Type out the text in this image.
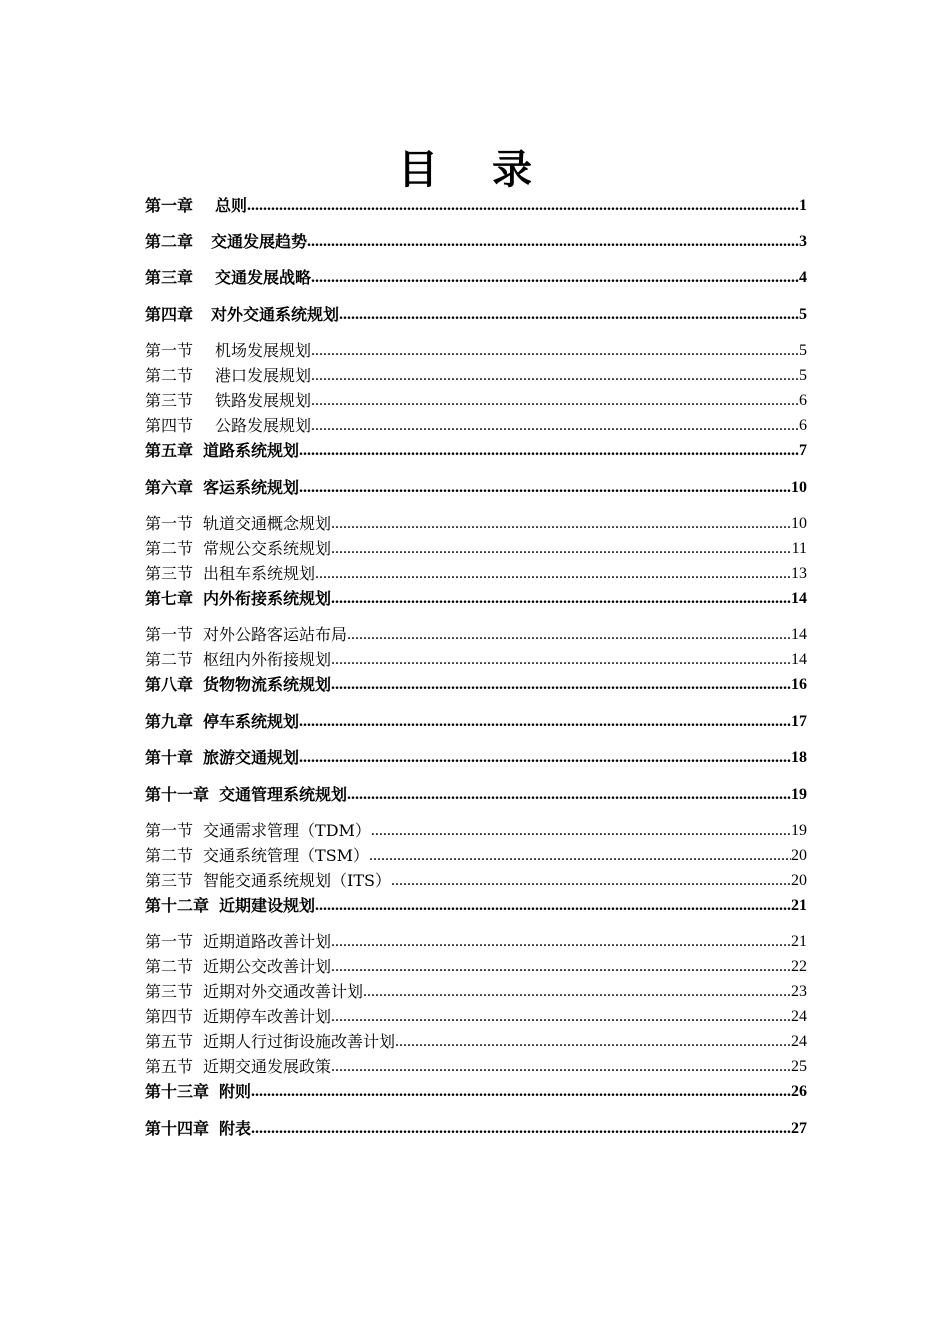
目 录
第一章 总则 .....	1
第二章 交通发展趋势 .....	3
第三章 交通发展战略 .....	4
第四章 对外交通系统规划 .....	5
第一节 机场发展规划 .....	5
第二节 港口发展规划 .....	5
第三节 铁路发展规划 .....	6
第四节 公路发展规划 .....	6
第五章 道路系统规划 .....	7
第六章 客运系统规划 .....	10
第一节 轨道交通概念规划 .....	10
第二节 常规公交系统规划 .....	11
第三节 出租车系统规划 .....	13
第七章 内外衔接系统规划 .....	14
第一节 对外公路客运站布局 .....	14
第二节 枢纽内外衔接规划 .....	14
第八章 货物物流系统规划 .....	16
第九章 停车系统规划 .....	17
第十章 旅游交通规划 .....	18
第十一章 交通管理系统规划 .....	19
第一节 交通需求管理（TDM） .....	19
第二节 交通系统管理（TSM） .....	20
第三节 智能交通系统规划（ITS） .....	20
第十二章 近期建设规划 .....	21
第一节 近期道路改善计划 .....	21
第二节 近期公交改善计划 .....	22
第三节 近期对外交通改善计划 .....	23
第四节 近期停车改善计划 .....	24
第五节 近期人行过街设施改善计划 .....	24
第五节 近期交通发展政策 .....	25
第十三章 附则 .....	26
第十四章 附表 .....	27
